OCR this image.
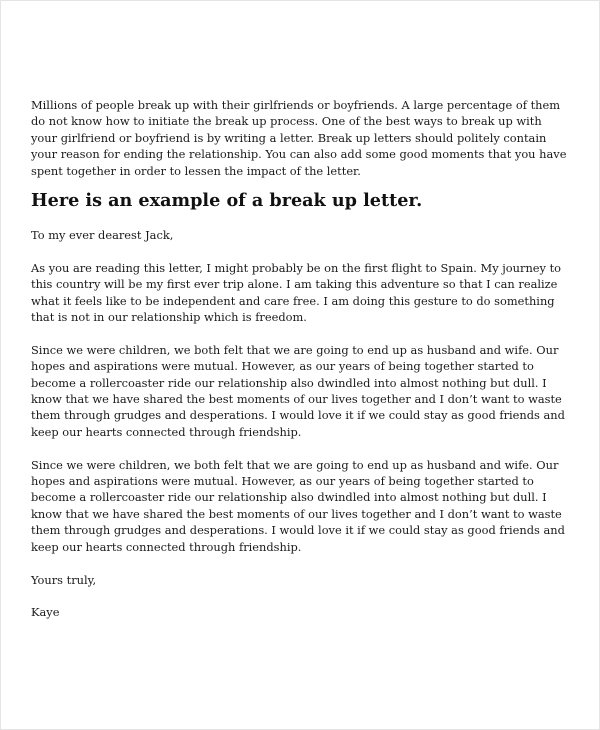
Millions of people break up with their girlfriends or boyfriends. A large percentage of them do not know how to initiate the break up process. One of the best ways to break up with your girlfriend or boyfriend is by writing a letter. Break up letters should politely contain your reason for ending the relationship. You can also add some good moments that you have spent together in order to lessen the impact of the letter.

Here is an example of a break up letter.

To my ever dearest Jack,

As you are reading this letter, I might probably be on the first flight to Spain. My journey to this country will be my first ever trip alone. I am taking this adventure so that I can realize what it feels like to be independent and care free. I am doing this gesture to do something that is not in our relationship which is freedom.

Since we were children, we both felt that we are going to end up as husband and wife. Our hopes and aspirations were mutual. However, as our years of being together started to become a rollercoaster ride our relationship also dwindled into almost nothing but dull. I know that we have shared the best moments of our lives together and I don’t want to waste them through grudges and desperations. I would love it if we could stay as good friends and keep our hearts connected through friendship.

Since we were children, we both felt that we are going to end up as husband and wife. Our hopes and aspirations were mutual. However, as our years of being together started to become a rollercoaster ride our relationship also dwindled into almost nothing but dull. I know that we have shared the best moments of our lives together and I don’t want to waste them through grudges and desperations. I would love it if we could stay as good friends and keep our hearts connected through friendship.

Yours truly,

Kaye
